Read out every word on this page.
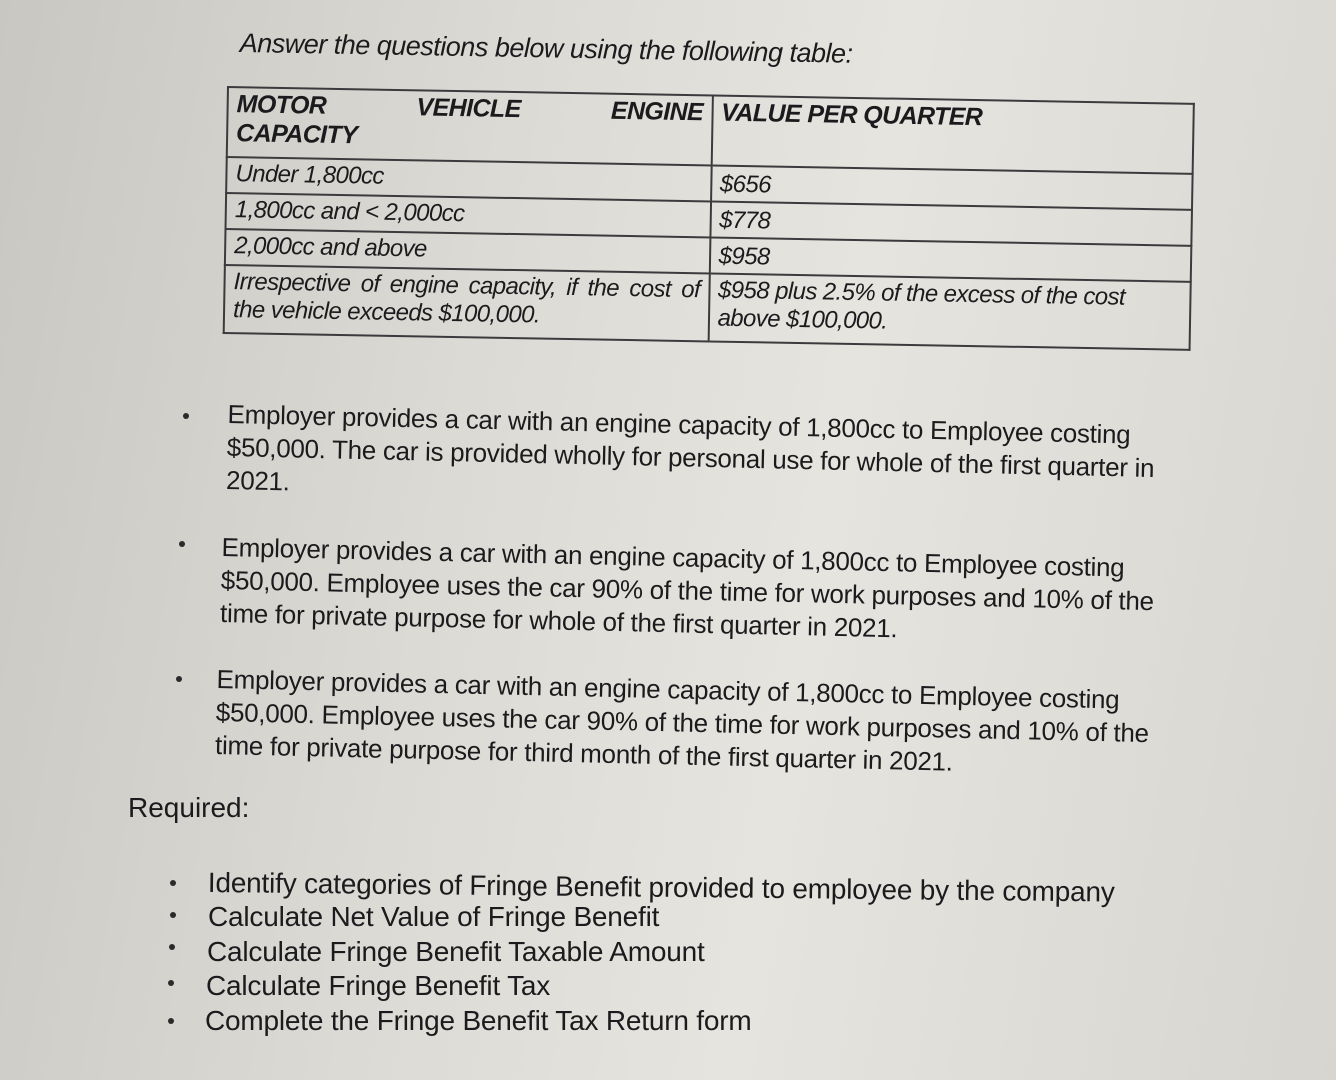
Answer the questions below using the following table:
MOTOR VEHICLE ENGINE
CAPACITY	VALUE PER QUARTER
Under 1,800cc	$656
1,800cc and < 2,000cc	$778
2,000cc and above	$958
Irrespective of engine capacity, if the cost of the vehicle exceeds $100,000.	$958 plus 2.5% of the excess of the cost above $100,000.
Employer provides a car with an engine capacity of 1,800cc to Employee costing $50,000. The car is provided wholly for personal use for whole of the first quarter in 2021.
Employer provides a car with an engine capacity of 1,800cc to Employee costing $50,000. Employee uses the car 90% of the time for work purposes and 10% of the time for private purpose for whole of the first quarter in 2021.
Employer provides a car with an engine capacity of 1,800cc to Employee costing $50,000. Employee uses the car 90% of the time for work purposes and 10% of the time for private purpose for third month of the first quarter in 2021.
Required:
Identify categories of Fringe Benefit provided to employee by the company
Calculate Net Value of Fringe Benefit
Calculate Fringe Benefit Taxable Amount
Calculate Fringe Benefit Tax
Complete the Fringe Benefit Tax Return form
